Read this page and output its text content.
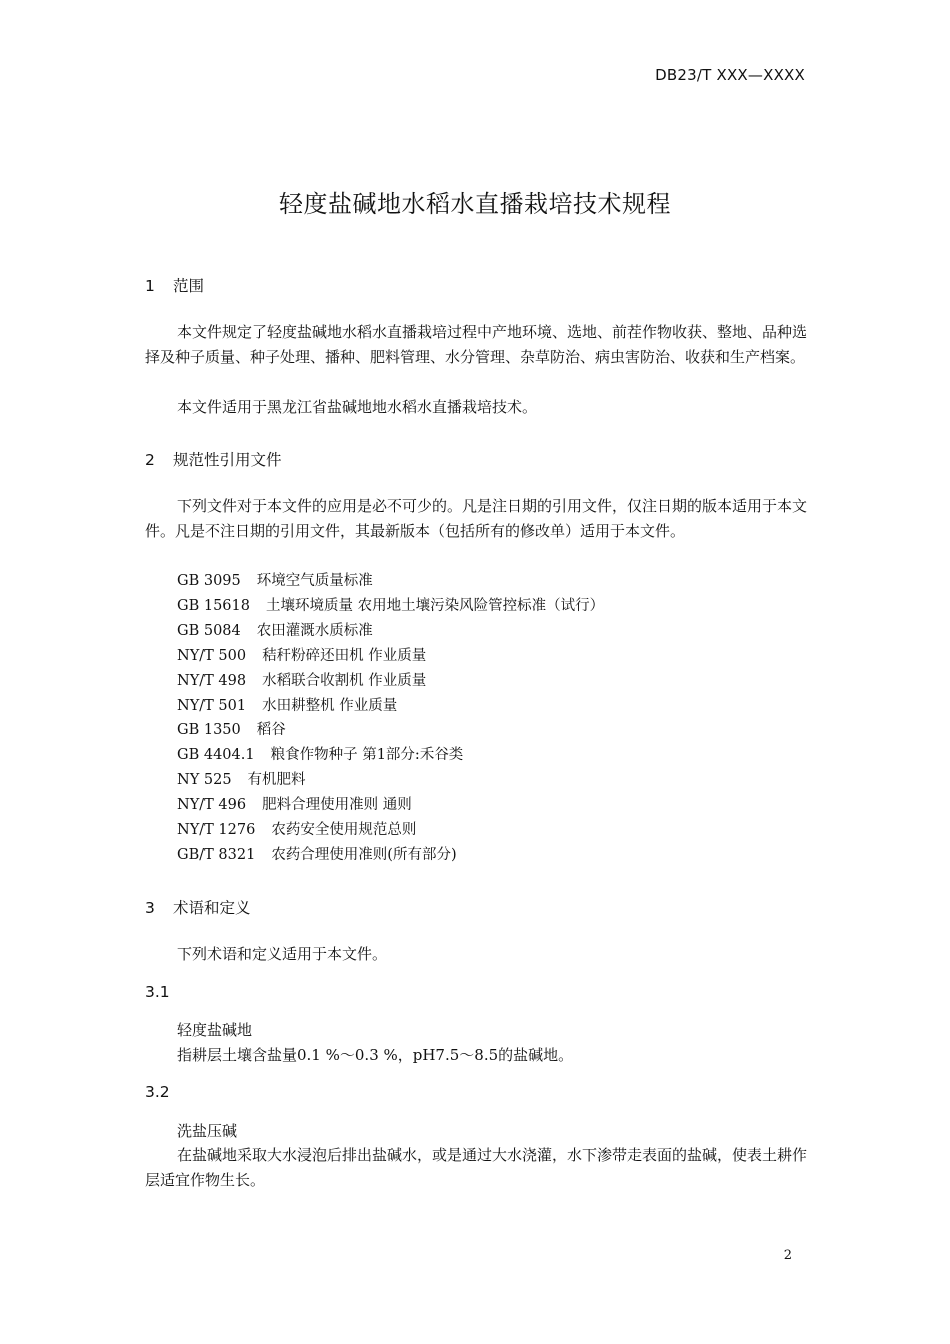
DB23/T XXX—XXXX
轻度盐碱地水稻水直播栽培技术规程
1 范围
本文件规定了轻度盐碱地水稻水直播栽培过程中产地环境、选地、前茬作物收获、整地、品种选择及种子质量、种子处理、播种、肥料管理、水分管理、杂草防治、病虫害防治、收获和生产档案。
本文件适用于黑龙江省盐碱地地水稻水直播栽培技术。
2 规范性引用文件
下列文件对于本文件的应用是必不可少的。凡是注日期的引用文件，仅注日期的版本适用于本文件。凡是不注日期的引用文件，其最新版本（包括所有的修改单）适用于本文件。
GB 3095 环境空气质量标准
GB 15618 土壤环境质量 农用地土壤污染风险管控标准（试行）
GB 5084 农田灌溉水质标准
NY/T 500 秸秆粉碎还田机 作业质量
NY/T 498 水稻联合收割机 作业质量
NY/T 501 水田耕整机 作业质量
GB 1350 稻谷
GB 4404.1 粮食作物种子 第1部分:禾谷类
NY 525 有机肥料
NY/T 496 肥料合理使用准则 通则
NY/T 1276 农药安全使用规范总则
GB/T 8321 农药合理使用准则(所有部分)
3 术语和定义
下列术语和定义适用于本文件。
3.1
轻度盐碱地
指耕层土壤含盐量0.1 %～0.3 %，pH7.5～8.5的盐碱地。
3.2
洗盐压碱
在盐碱地采取大水浸泡后排出盐碱水，或是通过大水浇灌，水下渗带走表面的盐碱，使表土耕作层适宜作物生长。
2
